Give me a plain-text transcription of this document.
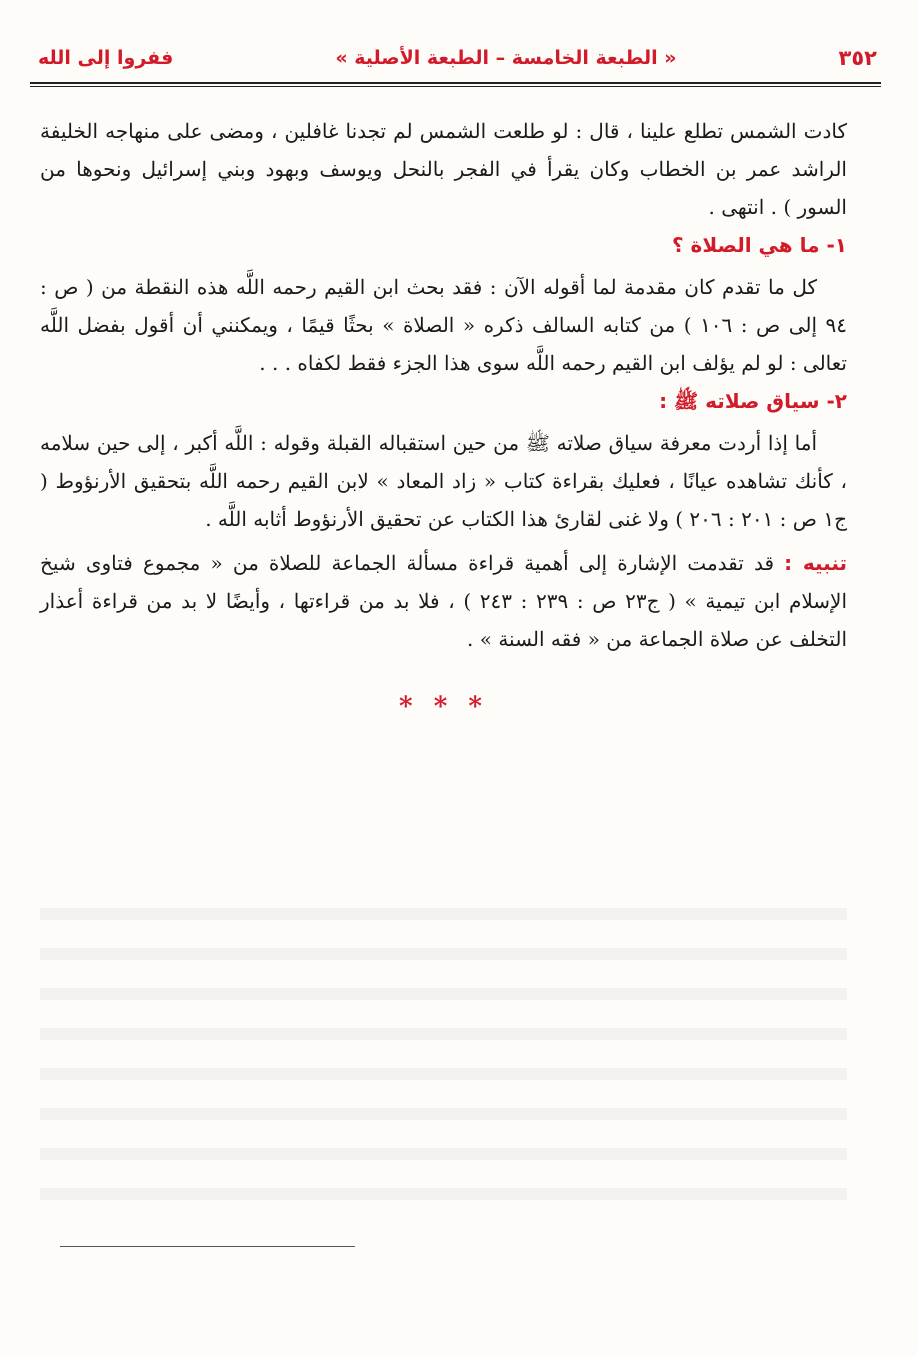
٣٥٢
« الطبعة الخامسة – الطبعة الأصلية »
ففروا إلى الله

كادت الشمس تطلع علينا ، قال : لو طلعت الشمس لم تجدنا غافلين ، ومضى على منهاجه الخليفة الراشد عمر بن الخطاب وكان يقرأ في الفجر بالنحل ويوسف وبهود وبني إسرائيل ونحوها من السور ) . انتهى .

١- ما هي الصلاة ؟

كل ما تقدم كان مقدمة لما أقوله الآن : فقد بحث ابن القيم رحمه اللَّه هذه النقطة من ( ص : ٩٤ إلى ص : ١٠٦ ) من كتابه السالف ذكره « الصلاة » بحثًا قيمًا ، ويمكنني أن أقول بفضل اللَّه تعالى : لو لم يؤلف ابن القيم رحمه اللَّه سوى هذا الجزء فقط لكفاه . . .

٢- سياق صلاته ﷺ :

أما إذا أردت معرفة سياق صلاته ﷺ من حين استقباله القبلة وقوله : اللَّه أكبر ، إلى حين سلامه ، كأنك تشاهده عيانًا ، فعليك بقراءة كتاب « زاد المعاد » لابن القيم رحمه اللَّه بتحقيق الأرنؤوط ( ج١ ص : ٢٠١ : ٢٠٦ ) ولا غنى لقارئ هذا الكتاب عن تحقيق الأرنؤوط أثابه اللَّه .

تنبيه : قد تقدمت الإشارة إلى أهمية قراءة مسألة الجماعة للصلاة من « مجموع فتاوى شيخ الإسلام ابن تيمية » ( ج٢٣ ص : ٢٣٩ : ٢٤٣ ) ، فلا بد من قراءتها ، وأيضًا لا بد من قراءة أعذار التخلف عن صلاة الجماعة من « فقه السنة » .

* * *
